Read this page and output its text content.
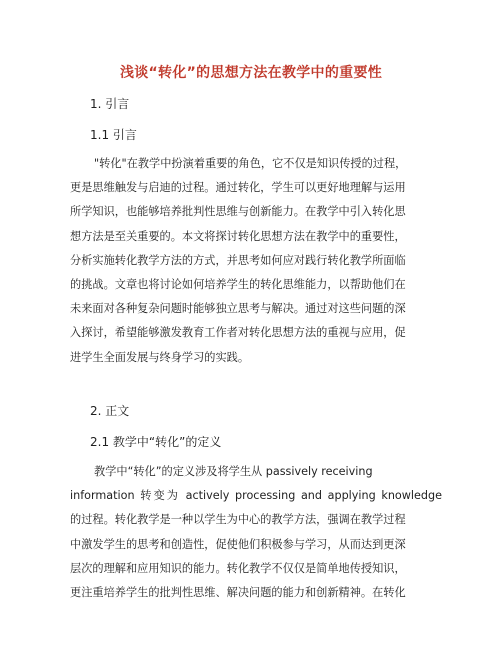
浅谈“转化”的思想方法在教学中的重要性
1. 引言
1.1 引言
"转化"在教学中扮演着重要的角色，它不仅是知识传授的过程，
更是思维触发与启迪的过程。通过转化，学生可以更好地理解与运用
所学知识，也能够培养批判性思维与创新能力。在教学中引入转化思
想方法是至关重要的。本文将探讨转化思想方法在教学中的重要性，
分析实施转化教学方法的方式，并思考如何应对践行转化教学所面临
的挑战。文章也将讨论如何培养学生的转化思维能力，以帮助他们在
未来面对各种复杂问题时能够独立思考与解决。通过对这些问题的深
入探讨，希望能够激发教育工作者对转化思想方法的重视与应用，促
进学生全面发展与终身学习的实践。
2. 正文
2.1 教学中“转化”的定义
教学中“转化”的定义涉及将学生从 passively receiving
information 转变为 actively processing and applying knowledge
的过程。转化教学是一种以学生为中心的教学方法，强调在教学过程
中激发学生的思考和创造性，促使他们积极参与学习，从而达到更深
层次的理解和应用知识的能力。转化教学不仅仅是简单地传授知识，
更注重培养学生的批判性思维、解决问题的能力和创新精神。在转化
